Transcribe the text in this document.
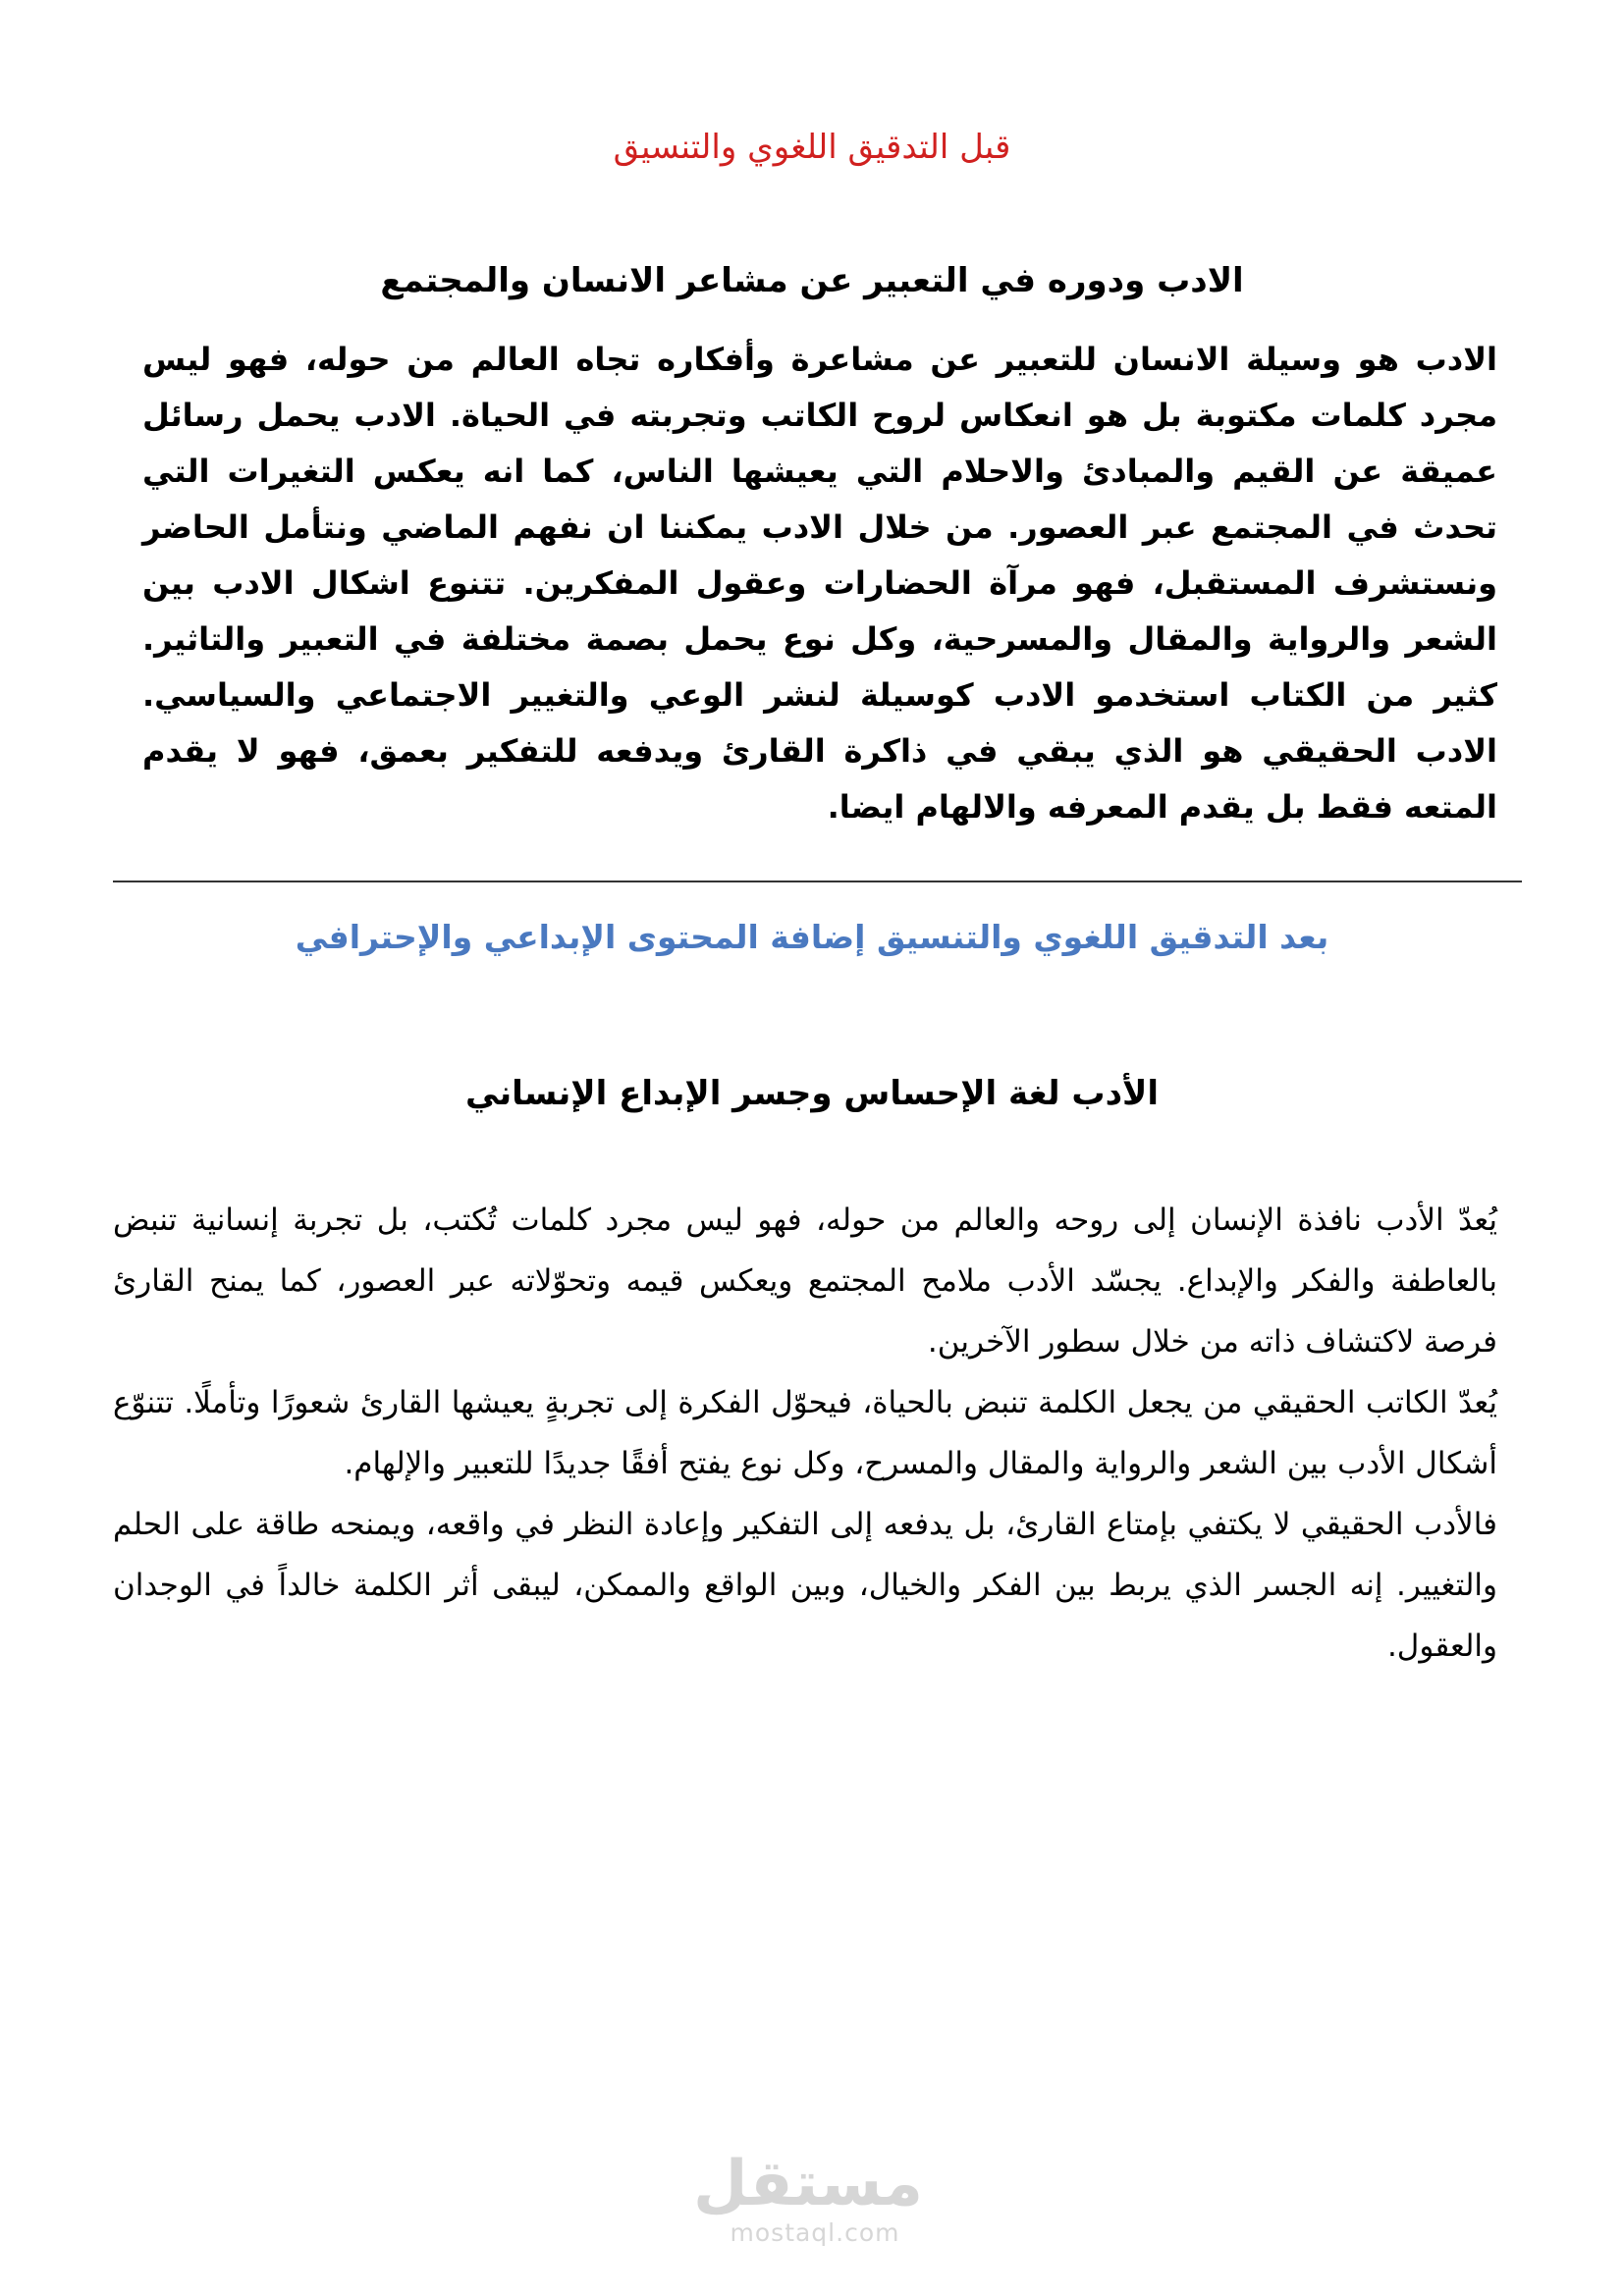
قبل التدقيق اللغوي والتنسيق
الادب ودوره في التعبير عن مشاعر الانسان والمجتمع

الادب هو وسيلة الانسان للتعبير عن مشاعرة وأفكاره تجاه العالم من حوله، فهو ليس مجرد كلمات مكتوبة بل هو انعكاس لروح الكاتب وتجربته في الحياة. الادب يحمل رسائل عميقة عن القيم والمبادئ والاحلام التي يعيشها الناس، كما انه يعكس التغيرات التي تحدث في المجتمع عبر العصور. من خلال الادب يمكننا ان نفهم الماضي ونتأمل الحاضر ونستشرف المستقبل، فهو مرآة الحضارات وعقول المفكرين. تتنوع اشكال الادب بين الشعر والرواية والمقال والمسرحية، وكل نوع يحمل بصمة مختلفة في التعبير والتاثير. كثير من الكتاب استخدمو الادب كوسيلة لنشر الوعي والتغيير الاجتماعي والسياسي. الادب الحقيقي هو الذي يبقي في ذاكرة القارئ ويدفعه للتفكير بعمق، فهو لا يقدم المتعه فقط بل يقدم المعرفه والالهام ايضا.

بعد التدقيق اللغوي والتنسيق إضافة المحتوى الإبداعي والإحترافي
الأدب لغة الإحساس وجسر الإبداع الإنساني

يُعدّ الأدب نافذة الإنسان إلى روحه والعالم من حوله، فهو ليس مجرد كلمات تُكتب، بل تجربة إنسانية تنبض بالعاطفة والفكر والإبداع. يجسّد الأدب ملامح المجتمع ويعكس قيمه وتحوّلاته عبر العصور، كما يمنح القارئ فرصة لاكتشاف ذاته من خلال سطور الآخرين.

يُعدّ الكاتب الحقيقي من يجعل الكلمة تنبض بالحياة، فيحوّل الفكرة إلى تجربةٍ يعيشها القارئ شعورًا وتأملًا. تتنوّع أشكال الأدب بين الشعر والرواية والمقال والمسرح، وكل نوع يفتح أفقًا جديدًا للتعبير والإلهام.

فالأدب الحقيقي لا يكتفي بإمتاع القارئ، بل يدفعه إلى التفكير وإعادة النظر في واقعه، ويمنحه طاقة على الحلم والتغيير. إنه الجسر الذي يربط بين الفكر والخيال، وبين الواقع والممكن، ليبقى أثر الكلمة خالداً في الوجدان والعقول.

مستقل
mostaql.com
